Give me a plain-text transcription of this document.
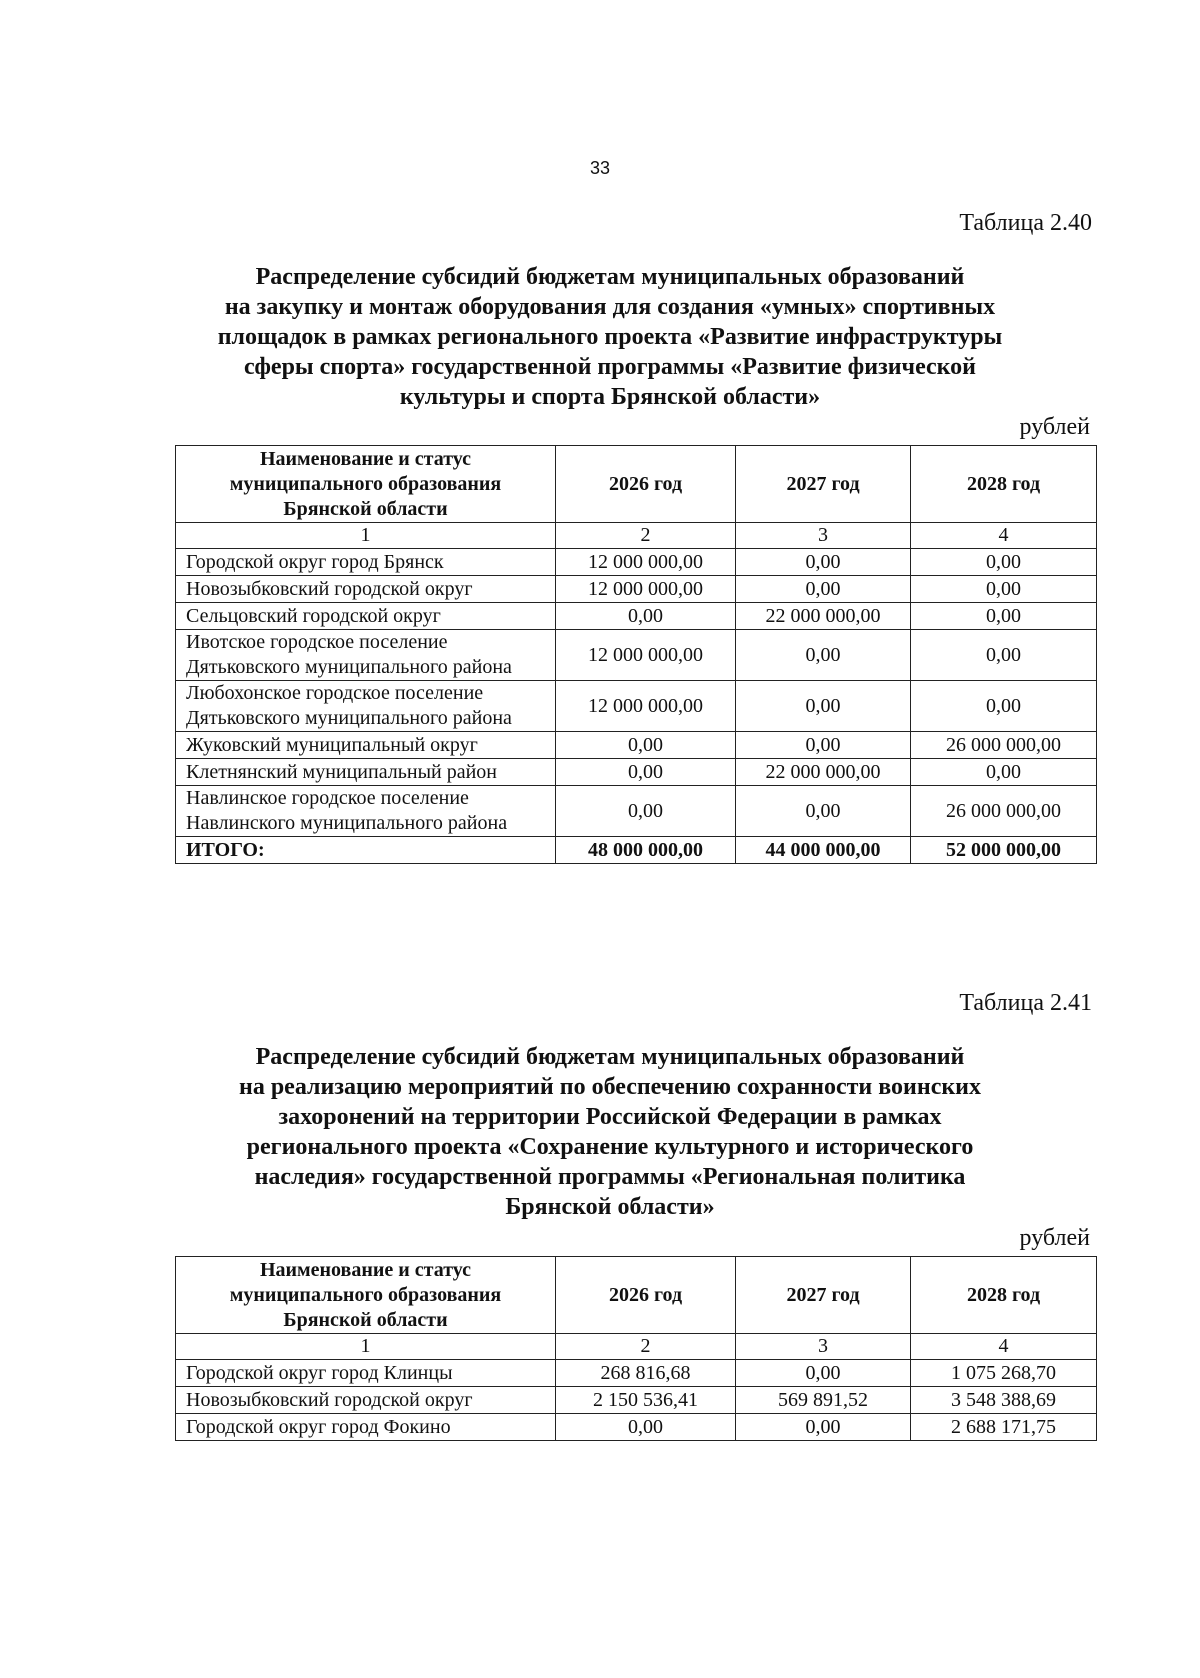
33
Таблица 2.40
Распределение субсидий бюджетам муниципальных образований
на закупку и монтаж оборудования для создания «умных» спортивных
площадок в рамках регионального проекта «Развитие инфраструктуры
сферы спорта» государственной программы «Развитие физической
культуры и спорта Брянской области»
рублей
Наименование и статус муниципального образования Брянской области	2026 год	2027 год	2028 год
1	2	3	4
Городской округ город Брянск	12 000 000,00	0,00	0,00
Новозыбковский городской округ	12 000 000,00	0,00	0,00
Сельцовский городской округ	0,00	22 000 000,00	0,00
Ивотское городское поселение Дятьковского муниципального района	12 000 000,00	0,00	0,00
Любохонское городское поселение Дятьковского муниципального района	12 000 000,00	0,00	0,00
Жуковский муниципальный округ	0,00	0,00	26 000 000,00
Клетнянский муниципальный район	0,00	22 000 000,00	0,00
Навлинское городское поселение Навлинского муниципального района	0,00	0,00	26 000 000,00
ИТОГО:	48 000 000,00	44 000 000,00	52 000 000,00
Таблица 2.41
Распределение субсидий бюджетам муниципальных образований
на реализацию мероприятий по обеспечению сохранности воинских
захоронений на территории Российской Федерации в рамках
регионального проекта «Сохранение культурного и исторического
наследия» государственной программы «Региональная политика
Брянской области»
рублей
Наименование и статус муниципального образования Брянской области	2026 год	2027 год	2028 год
1	2	3	4
Городской округ город Клинцы	268 816,68	0,00	1 075 268,70
Новозыбковский городской округ	2 150 536,41	569 891,52	3 548 388,69
Городской округ город Фокино	0,00	0,00	2 688 171,75
